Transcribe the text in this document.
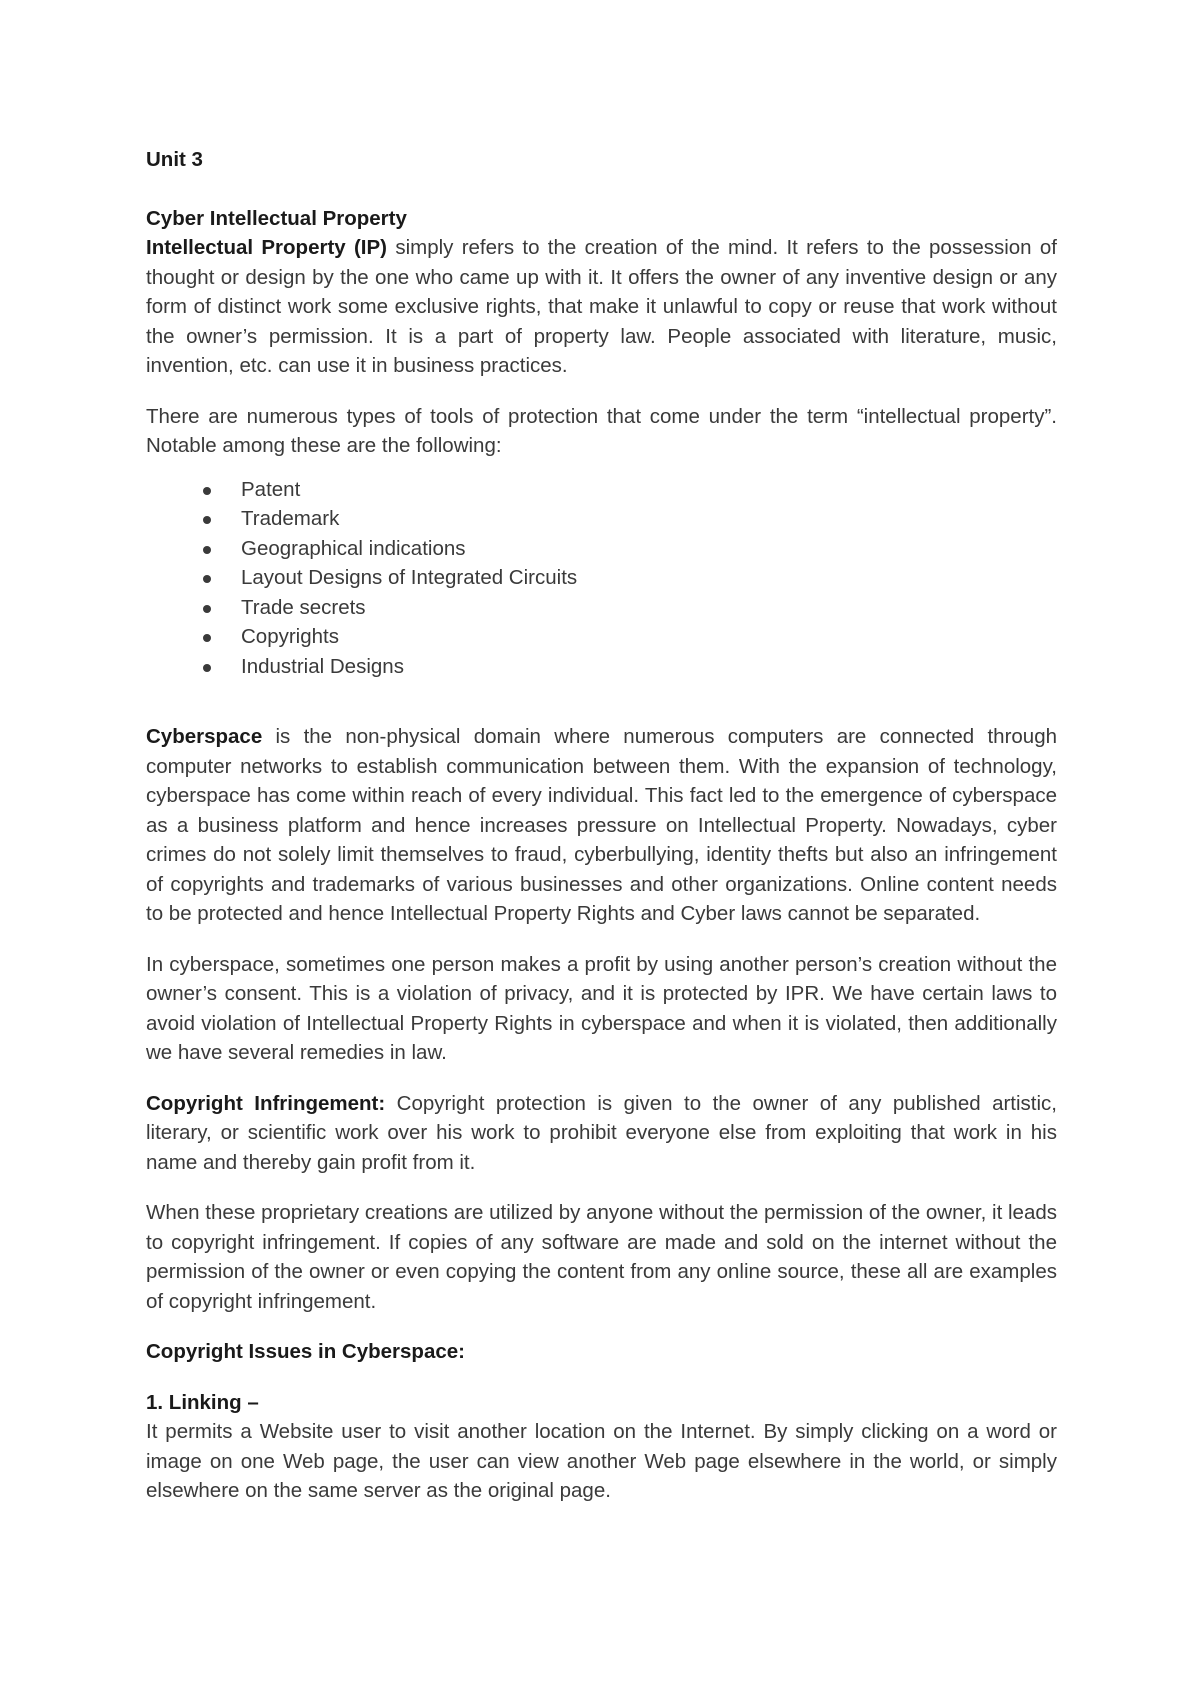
Unit 3
Cyber Intellectual Property

Intellectual Property (IP) simply refers to the creation of the mind. It refers to the possession of thought or design by the one who came up with it. It offers the owner of any inventive design or any form of distinct work some exclusive rights, that make it unlawful to copy or reuse that work without the owner’s permission. It is a part of property law. People associated with literature, music, invention, etc. can use it in business practices.

There are numerous types of tools of protection that come under the term “intellectual property”. Notable among these are the following:

Patent
Trademark
Geographical indications
Layout Designs of Integrated Circuits
Trade secrets
Copyrights
Industrial Designs

Cyberspace is the non-physical domain where numerous computers are connected through computer networks to establish communication between them. With the expansion of technology, cyberspace has come within reach of every individual. This fact led to the emergence of cyberspace as a business platform and hence increases pressure on Intellectual Property. Nowadays, cyber crimes do not solely limit themselves to fraud, cyberbullying, identity thefts but also an infringement of copyrights and trademarks of various businesses and other organizations. Online content needs to be protected and hence Intellectual Property Rights and Cyber laws cannot be separated.

In cyberspace, sometimes one person makes a profit by using another person’s creation without the owner’s consent. This is a violation of privacy, and it is protected by IPR. We have certain laws to avoid violation of Intellectual Property Rights in cyberspace and when it is violated, then additionally we have several remedies in law.

Copyright Infringement: Copyright protection is given to the owner of any published artistic, literary, or scientific work over his work to prohibit everyone else from exploiting that work in his name and thereby gain profit from it.

When these proprietary creations are utilized by anyone without the permission of the owner, it leads to copyright infringement. If copies of any software are made and sold on the internet without the permission of the owner or even copying the content from any online source, these all are examples of copyright infringement.

Copyright Issues in Cyberspace:
1. Linking –

It permits a Website user to visit another location on the Internet. By simply clicking on a word or image on one Web page, the user can view another Web page elsewhere in the world, or simply elsewhere on the same server as the original page.
